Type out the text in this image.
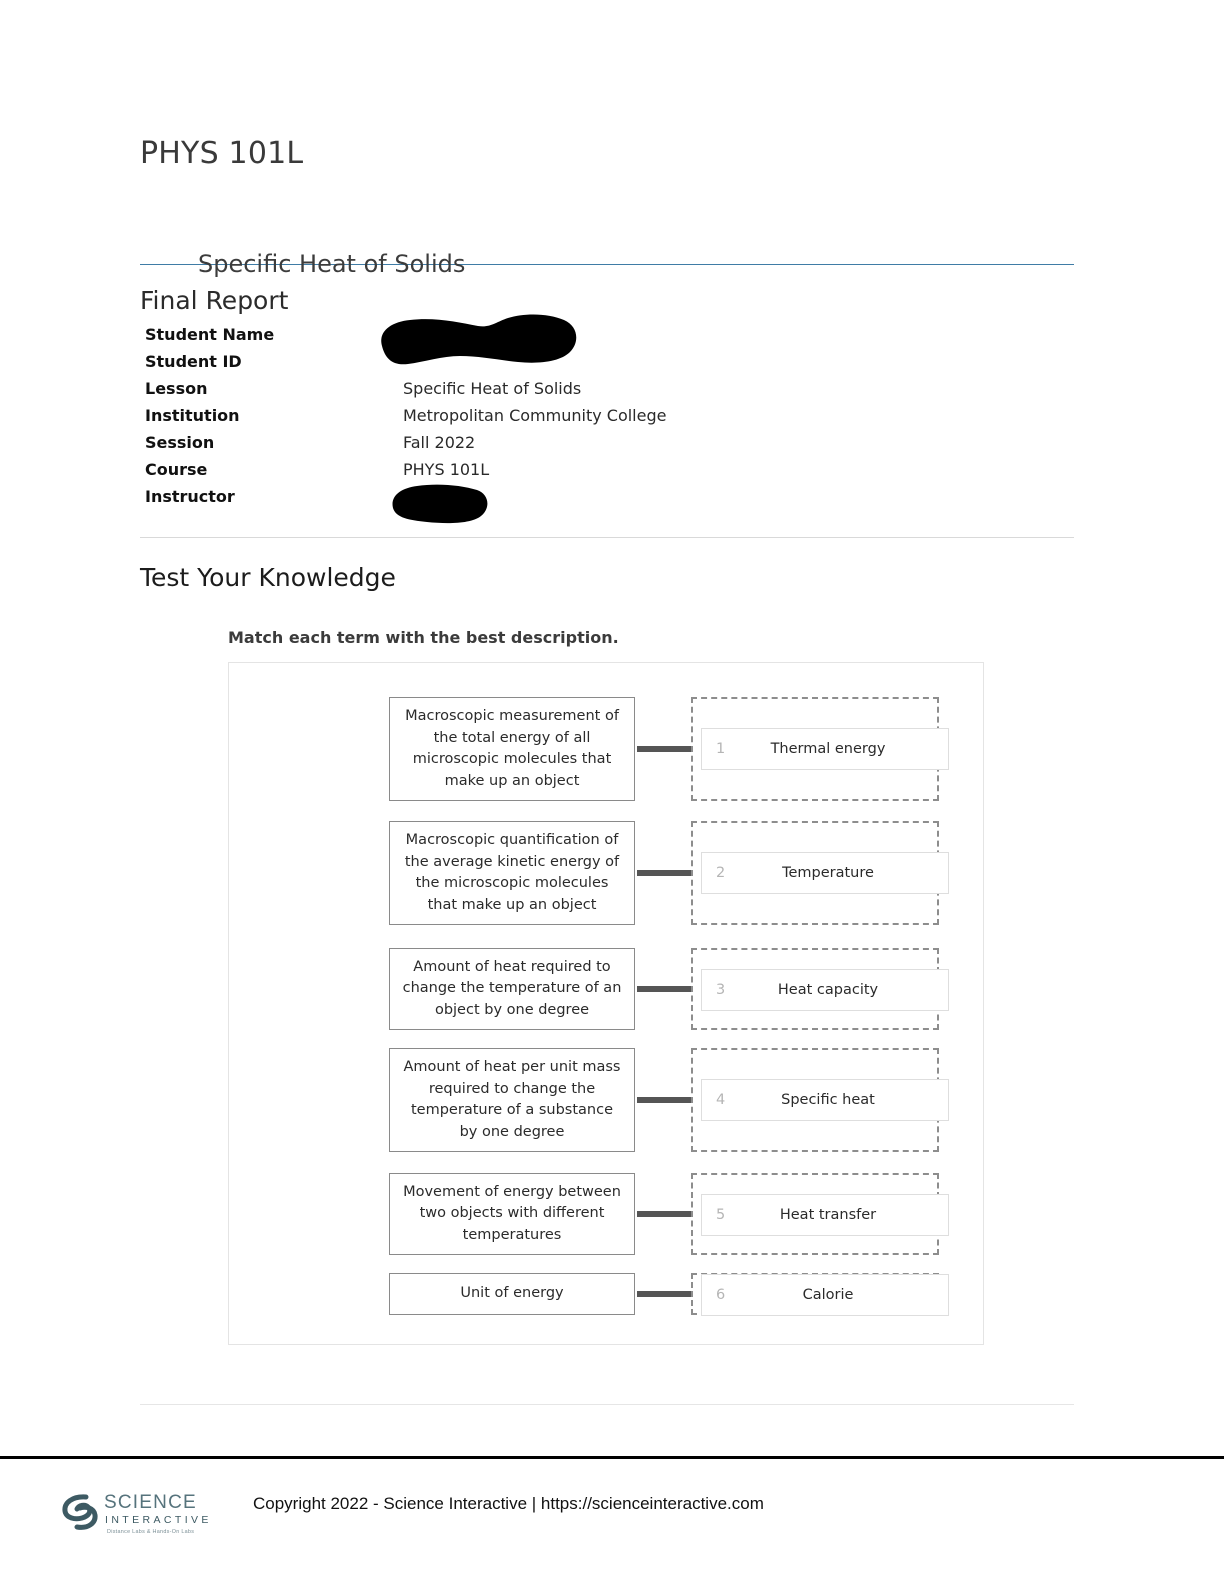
PHYS 101L
Specific Heat of Solids
Final Report
Student Name
Student ID
Lesson	Specific Heat of Solids
Institution	Metropolitan Community College
Session	Fall 2022
Course	PHYS 101L
Instructor
Test Your Knowledge
Match each term with the best description.
Macroscopic measurement of the total energy of all microscopic molecules that make up an object
1	Thermal energy
Macroscopic quantification of the average kinetic energy of the microscopic molecules that make up an object
2	Temperature
Amount of heat required to change the temperature of an object by one degree
3	Heat capacity
Amount of heat per unit mass required to change the temperature of a substance by one degree
4	Specific heat
Movement of energy between two objects with different temperatures
5	Heat transfer
Unit of energy	6	Calorie
SCIENCE
INTERACTIVE
Distance Labs & Hands-On Labs
Copyright 2022 - Science Interactive | https://scienceinteractive.com
